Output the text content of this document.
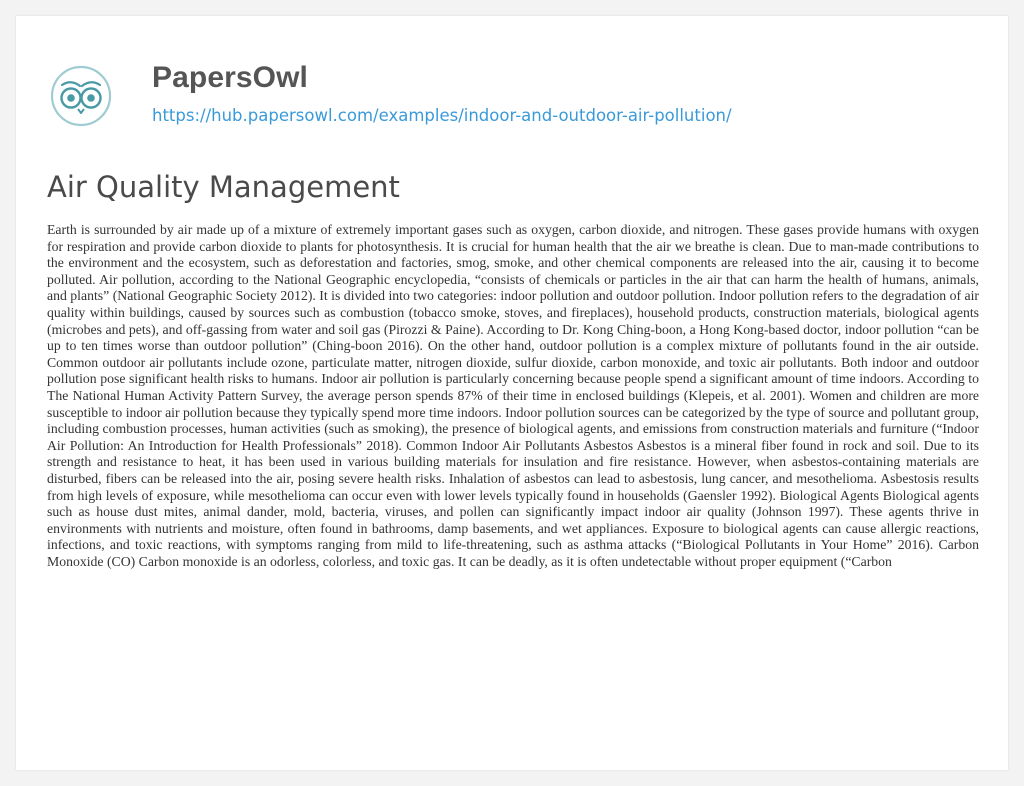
PapersOwl
https://hub.papersowl.com/examples/indoor-and-outdoor-air-pollution/
Air Quality Management

Earth is surrounded by air made up of a mixture of extremely important gases such as oxygen, carbon dioxide, and nitrogen. These gases provide humans with oxygen for respiration and provide carbon dioxide to plants for photosynthesis. It is crucial for human health that the air we breathe is clean. Due to man-made contributions to the environment and the ecosystem, such as deforestation and factories, smog, smoke, and other chemical components are released into the air, causing it to become polluted. Air pollution, according to the National Geographic encyclopedia, “consists of chemicals or particles in the air that can harm the health of humans, animals, and plants” (National Geographic Society 2012). It is divided into two categories: indoor pollution and outdoor pollution. Indoor pollution refers to the degradation of air quality within buildings, caused by sources such as combustion (tobacco smoke, stoves, and fireplaces), household products, construction materials, biological agents (microbes and pets), and off-gassing from water and soil gas (Pirozzi & Paine). According to Dr. Kong Ching-boon, a Hong Kong-based doctor, indoor pollution “can be up to ten times worse than outdoor pollution” (Ching-boon 2016). On the other hand, outdoor pollution is a complex mixture of pollutants found in the air outside. Common outdoor air pollutants include ozone, particulate matter, nitrogen dioxide, sulfur dioxide, carbon monoxide, and toxic air pollutants. Both indoor and outdoor pollution pose significant health risks to humans. Indoor air pollution is particularly concerning because people spend a significant amount of time indoors. According to The National Human Activity Pattern Survey, the average person spends 87% of their time in enclosed buildings (Klepeis, et al. 2001). Women and children are more susceptible to indoor air pollution because they typically spend more time indoors. Indoor pollution sources can be categorized by the type of source and pollutant group, including combustion processes, human activities (such as smoking), the presence of biological agents, and emissions from construction materials and furniture (“Indoor Air Pollution: An Introduction for Health Professionals” 2018). Common Indoor Air Pollutants Asbestos Asbestos is a mineral fiber found in rock and soil. Due to its strength and resistance to heat, it has been used in various building materials for insulation and fire resistance. However, when asbestos-containing materials are disturbed, fibers can be released into the air, posing severe health risks. Inhalation of asbestos can lead to asbestosis, lung cancer, and mesothelioma. Asbestosis results from high levels of exposure, while mesothelioma can occur even with lower levels typically found in households (Gaensler 1992). Biological Agents Biological agents such as house dust mites, animal dander, mold, bacteria, viruses, and pollen can significantly impact indoor air quality (Johnson 1997). These agents thrive in environments with nutrients and moisture, often found in bathrooms, damp basements, and wet appliances. Exposure to biological agents can cause allergic reactions, infections, and toxic reactions, with symptoms ranging from mild to life-threatening, such as asthma attacks (“Biological Pollutants in Your Home” 2016). Carbon Monoxide (CO) Carbon monoxide is an odorless, colorless, and toxic gas. It can be deadly, as it is often undetectable without proper equipment (“Carbon
